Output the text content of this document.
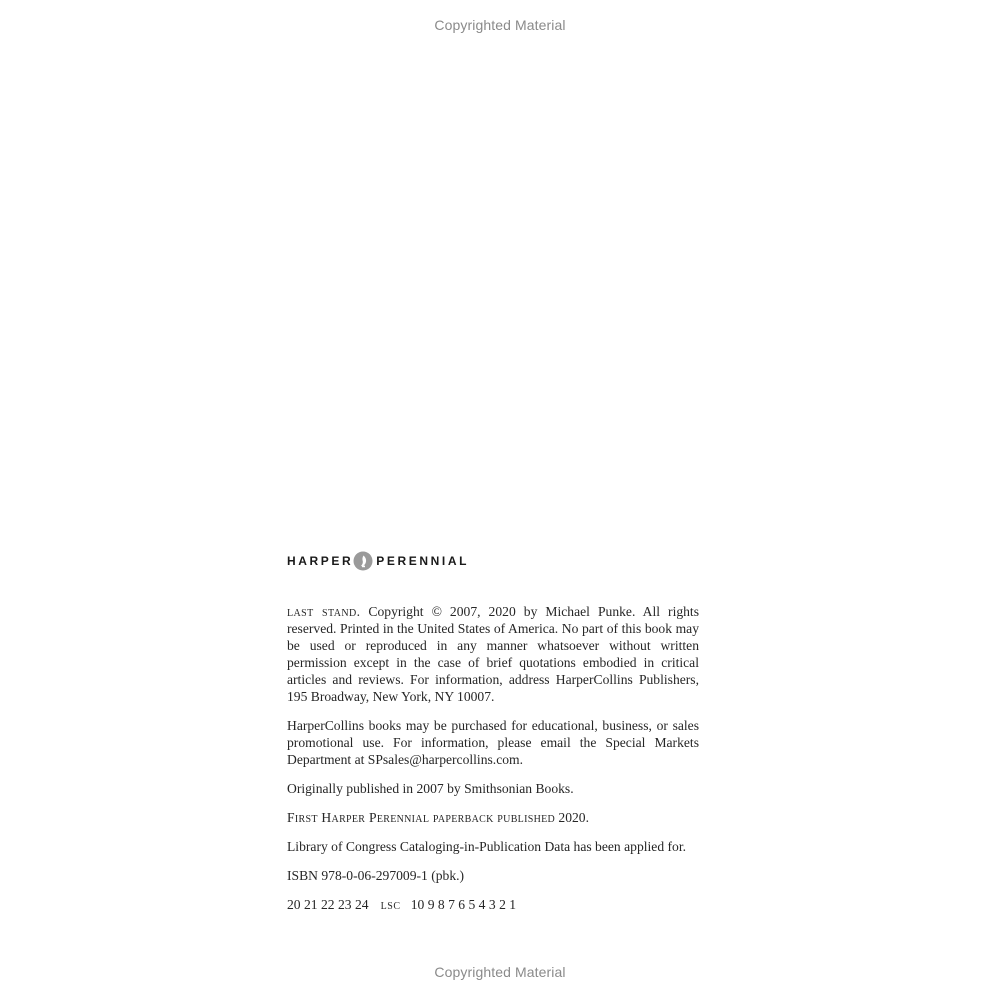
Copyrighted Material
HARPER PERENNIAL

last stand. Copyright © 2007, 2020 by Michael Punke. All rights reserved. Printed in the United States of America. No part of this book may be used or reproduced in any manner whatsoever without written permission except in the case of brief quotations embodied in critical articles and reviews. For information, address HarperCollins Publishers, 195 Broadway, New York, NY 10007.

HarperCollins books may be purchased for educational, business, or sales promotional use. For information, please email the Special Markets Department at SPsales@harpercollins.com.

Originally published in 2007 by Smithsonian Books.

First Harper Perennial paperback published 2020.

Library of Congress Cataloging-in-Publication Data has been applied for.

ISBN 978-0-06-297009-1 (pbk.)

20 21 22 23 24 lsc 10 9 8 7 6 5 4 3 2 1

Copyrighted Material
